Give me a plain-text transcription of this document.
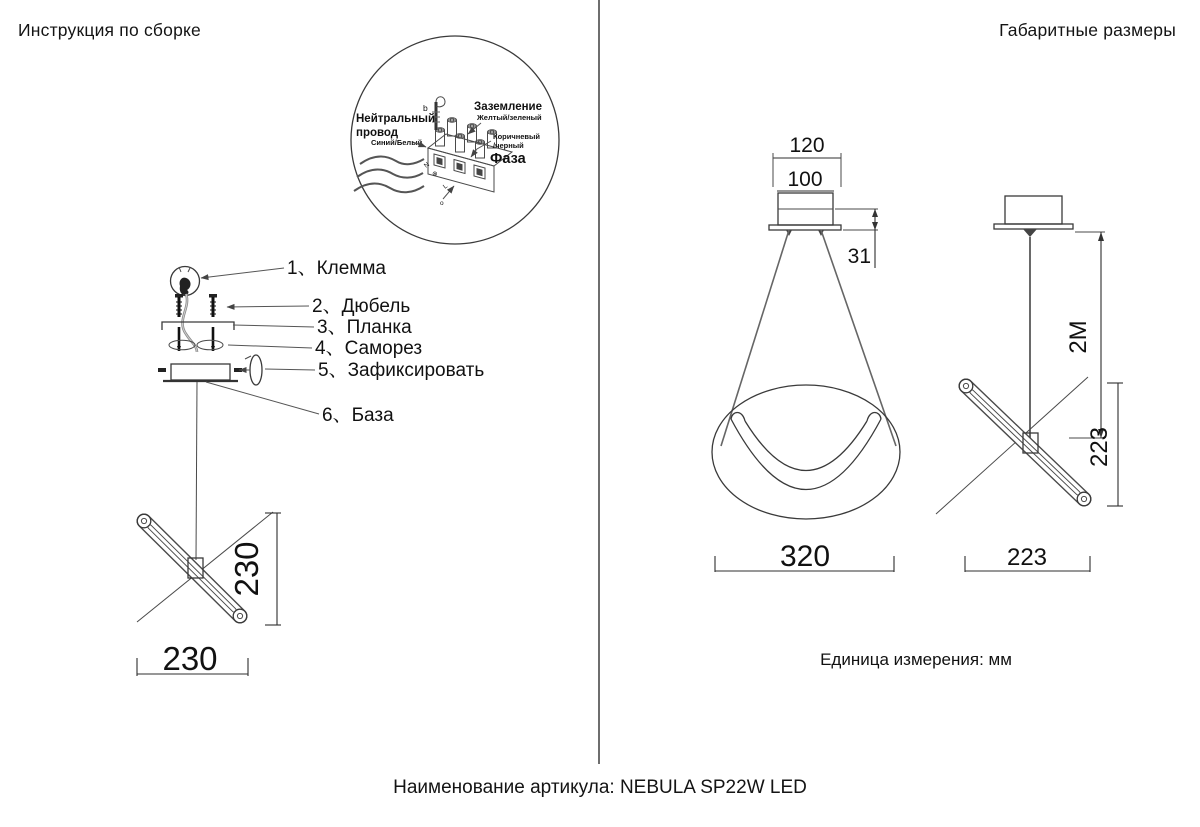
Инструкция по сборке	Габаритные размеры
b
N
⊕
L
o
Нейтральный
провод
Синий/Белый
Заземление
Желтый/зеленый
Коричневый
/черный
Фаза
1、Клемма
2、Дюбель
3、Планка
4、Саморез
5、Зафиксировать
6、База
230
230
120
100
31
320
2M
223
223
Единица измерения: мм
Наименование артикула: NEBULA SP22W LED
